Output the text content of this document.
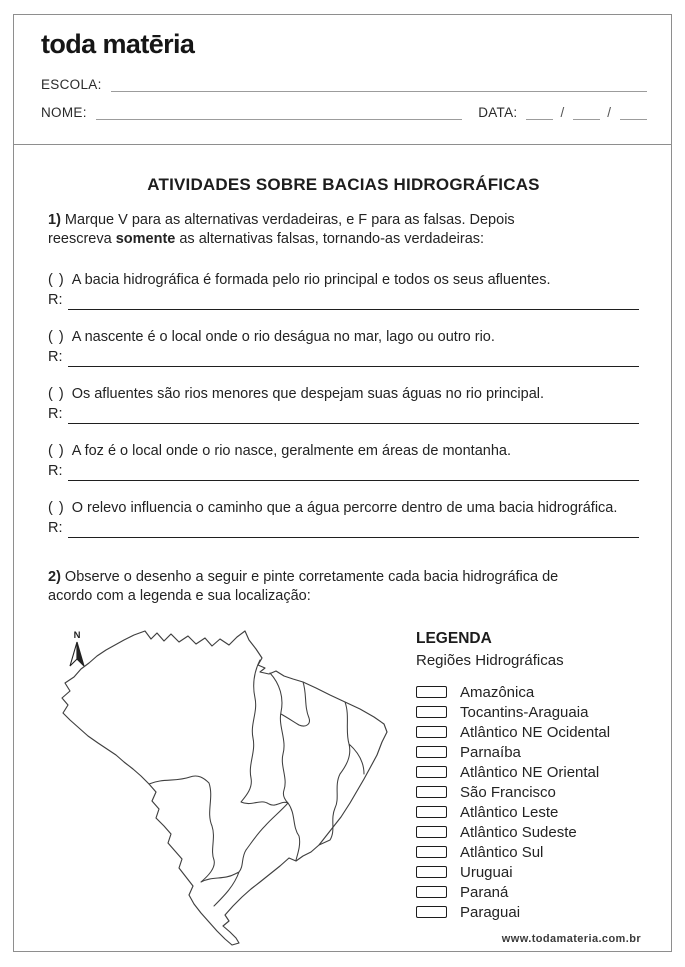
toda matēria
ESCOLA:
NOME:	DATA:	/	/
ATIVIDADES SOBRE BACIAS HIDROGRÁFICAS
1) Marque V para as alternativas verdadeiras, e F para as falsas. Depois reescreva somente as alternativas falsas, tornando-as verdadeiras:
( ) A bacia hidrográfica é formada pelo rio principal e todos os seus afluentes.
R:
( ) A nascente é o local onde o rio deságua no mar, lago ou outro rio.
R:
( ) Os afluentes são rios menores que despejam suas águas no rio principal.
R:
( ) A foz é o local onde o rio nasce, geralmente em áreas de montanha.
R:
( ) O relevo influencia o caminho que a água percorre dentro de uma bacia hidrográfica.
R:
2) Observe o desenho a seguir e pinte corretamente cada bacia hidrográfica de acordo com a legenda e sua localização:
N	LEGENDA
Regiões Hidrográficas
Amazônica
Tocantins-Araguaia
Atlântico NE Ocidental
Parnaíba
Atlântico NE Oriental
São Francisco
Atlântico Leste
Atlântico Sudeste
Atlântico Sul
Uruguai
Paraná
Paraguai
www.todamateria.com.br
